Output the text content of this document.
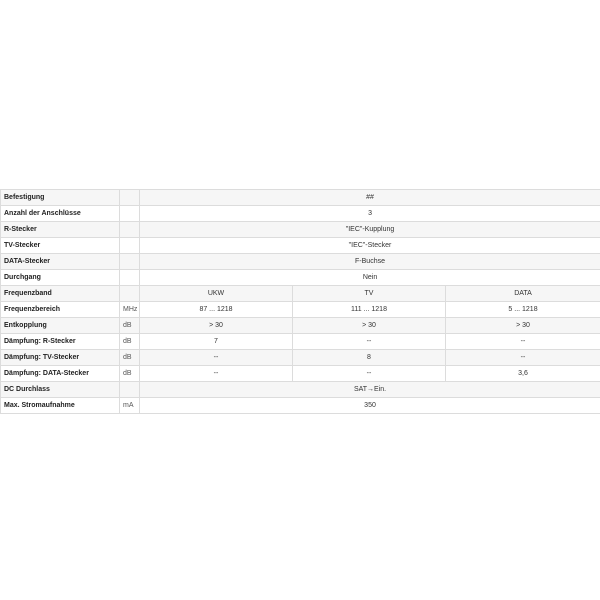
Befestigung		##		
Anzahl der Anschlüsse		3		
R-Stecker		"IEC"-Kupplung		
TV-Stecker		"IEC"-Stecker		
DATA-Stecker		F-Buchse		
Durchgang		Nein		
Frequenzband		UKW	TV	DATA
Frequenzbereich	MHz	87 ... 1218	111 ... 1218	5 ... 1218
Entkopplung	dB	> 30	> 30	> 30
Dämpfung: R-Stecker	dB	7	--	--
Dämpfung: TV-Stecker	dB	--	8	--
Dämpfung: DATA-Stecker	dB	--	--	3,6
DC Durchlass		SAT→Ein.		
Max. Stromaufnahme	mA	350		
